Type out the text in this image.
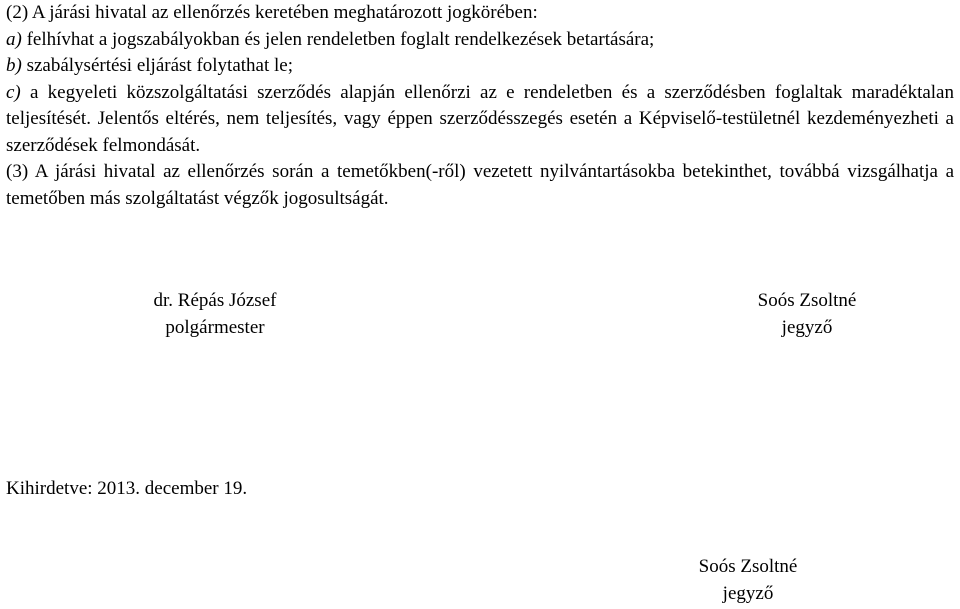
(2) A járási hivatal az ellenőrzés keretében meghatározott jogkörében:

a) felhívhat a jogszabályokban és jelen rendeletben foglalt rendelkezések betartására;

b) szabálysértési eljárást folytathat le;

c) a kegyeleti közszolgáltatási szerződés alapján ellenőrzi az e rendeletben és a szerződésben foglaltak maradéktalan teljesítését. Jelentős eltérés, nem teljesítés, vagy éppen szerződésszegés esetén a Képviselő-testületnél kezdeményezheti a szerződések felmondását.

(3) A járási hivatal az ellenőrzés során a temetőkben(-ről) vezetett nyilvántartásokba betekinthet, továbbá vizsgálhatja a temetőben más szolgáltatást végzők jogosultságát.

dr. Répás József
polgármester
Soós Zsoltné
jegyző
Kihirdetve: 2013. december 19.
Soós Zsoltné
jegyző
